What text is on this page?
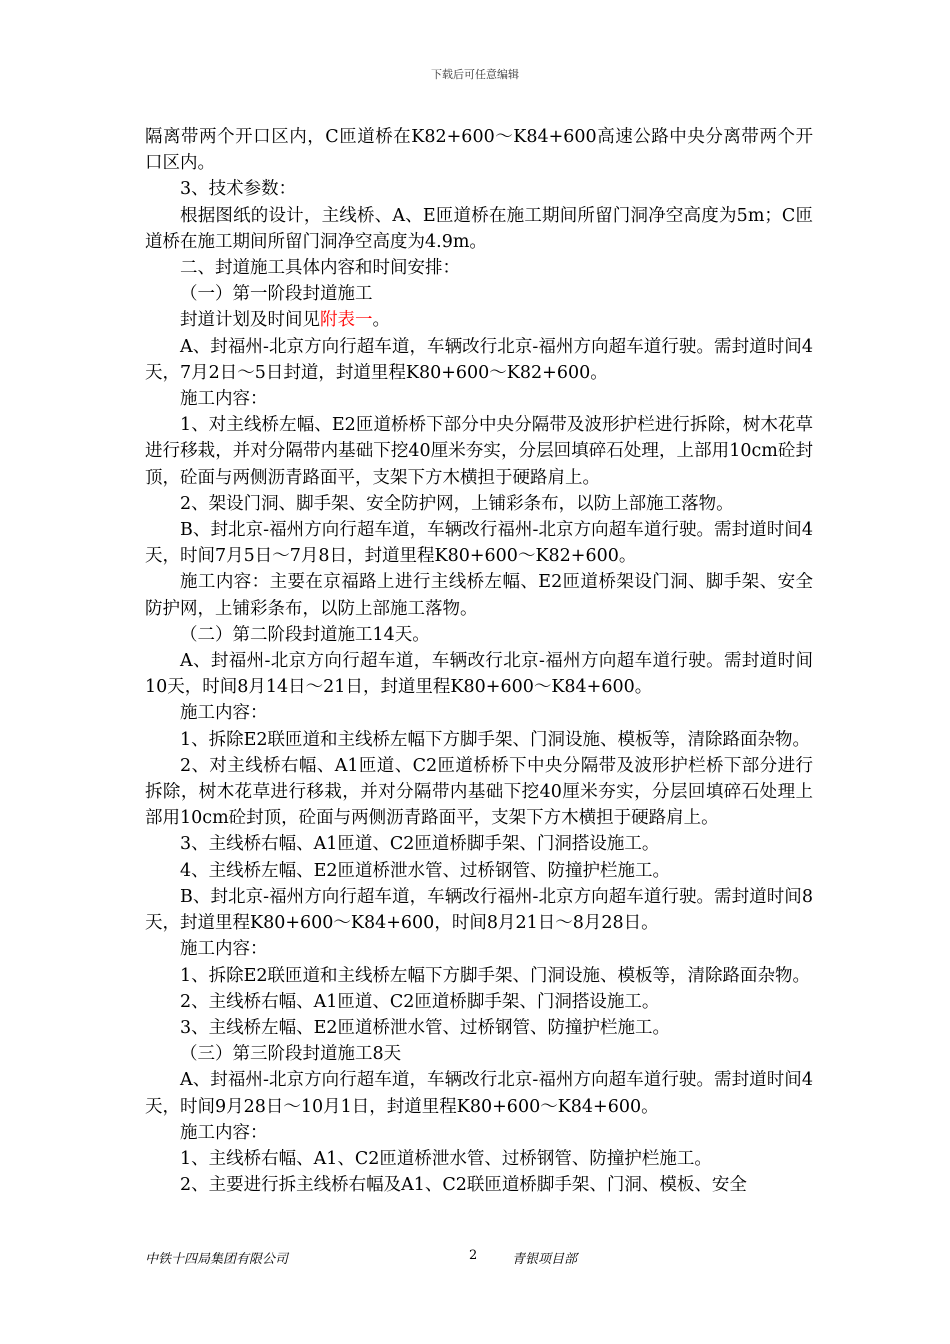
下载后可任意编辑

隔离带两个开口区内，C匝道桥在K82+600～K84+600高速公路中央分离带两个开口区内。

3、技术参数：

根据图纸的设计，主线桥、A、E匝道桥在施工期间所留门洞净空高度为5m；C匝道桥在施工期间所留门洞净空高度为4.9m。

二、封道施工具体内容和时间安排：

（一）第一阶段封道施工

封道计划及时间见附表一。

A、封福州-北京方向行超车道，车辆改行北京-福州方向超车道行驶。需封道时间4天，7月2日～5日封道，封道里程K80+600～K82+600。

施工内容：

1、对主线桥左幅、E2匝道桥桥下部分中央分隔带及波形护栏进行拆除，树木花草进行移栽，并对分隔带内基础下挖40厘米夯实，分层回填碎石处理，上部用10cm砼封顶，砼面与两侧沥青路面平，支架下方木横担于硬路肩上。

2、架设门洞、脚手架、安全防护网，上铺彩条布，以防上部施工落物。

B、封北京-福州方向行超车道，车辆改行福州-北京方向超车道行驶。需封道时间4天，时间7月5日～7月8日，封道里程K80+600～K82+600。

施工内容：主要在京福路上进行主线桥左幅、E2匝道桥架设门洞、脚手架、安全防护网，上铺彩条布，以防上部施工落物。

（二）第二阶段封道施工14天。

A、封福州-北京方向行超车道，车辆改行北京-福州方向超车道行驶。需封道时间10天，时间8月14日～21日，封道里程K80+600～K84+600。

施工内容：

1、拆除E2联匝道和主线桥左幅下方脚手架、门洞设施、模板等，清除路面杂物。

2、对主线桥右幅、A1匝道、C2匝道桥桥下中央分隔带及波形护栏桥下部分进行拆除，树木花草进行移栽，并对分隔带内基础下挖40厘米夯实，分层回填碎石处理上部用10cm砼封顶，砼面与两侧沥青路面平，支架下方木横担于硬路肩上。

3、主线桥右幅、A1匝道、C2匝道桥脚手架、门洞搭设施工。

4、主线桥左幅、E2匝道桥泄水管、过桥钢管、防撞护栏施工。

B、封北京-福州方向行超车道，车辆改行福州-北京方向超车道行驶。需封道时间8天，封道里程K80+600～K84+600，时间8月21日～8月28日。

施工内容：

1、拆除E2联匝道和主线桥左幅下方脚手架、门洞设施、模板等，清除路面杂物。

2、主线桥右幅、A1匝道、C2匝道桥脚手架、门洞搭设施工。

3、主线桥左幅、E2匝道桥泄水管、过桥钢管、防撞护栏施工。

（三）第三阶段封道施工8天

A、封福州-北京方向行超车道，车辆改行北京-福州方向超车道行驶。需封道时间4天，时间9月28日～10月1日，封道里程K80+600～K84+600。

施工内容：

1、主线桥右幅、A1、C2匝道桥泄水管、过桥钢管、防撞护栏施工。

2、主要进行拆主线桥右幅及A1、C2联匝道桥脚手架、门洞、模板、安全

中铁十四局集团有限公司	2	青银项目部
